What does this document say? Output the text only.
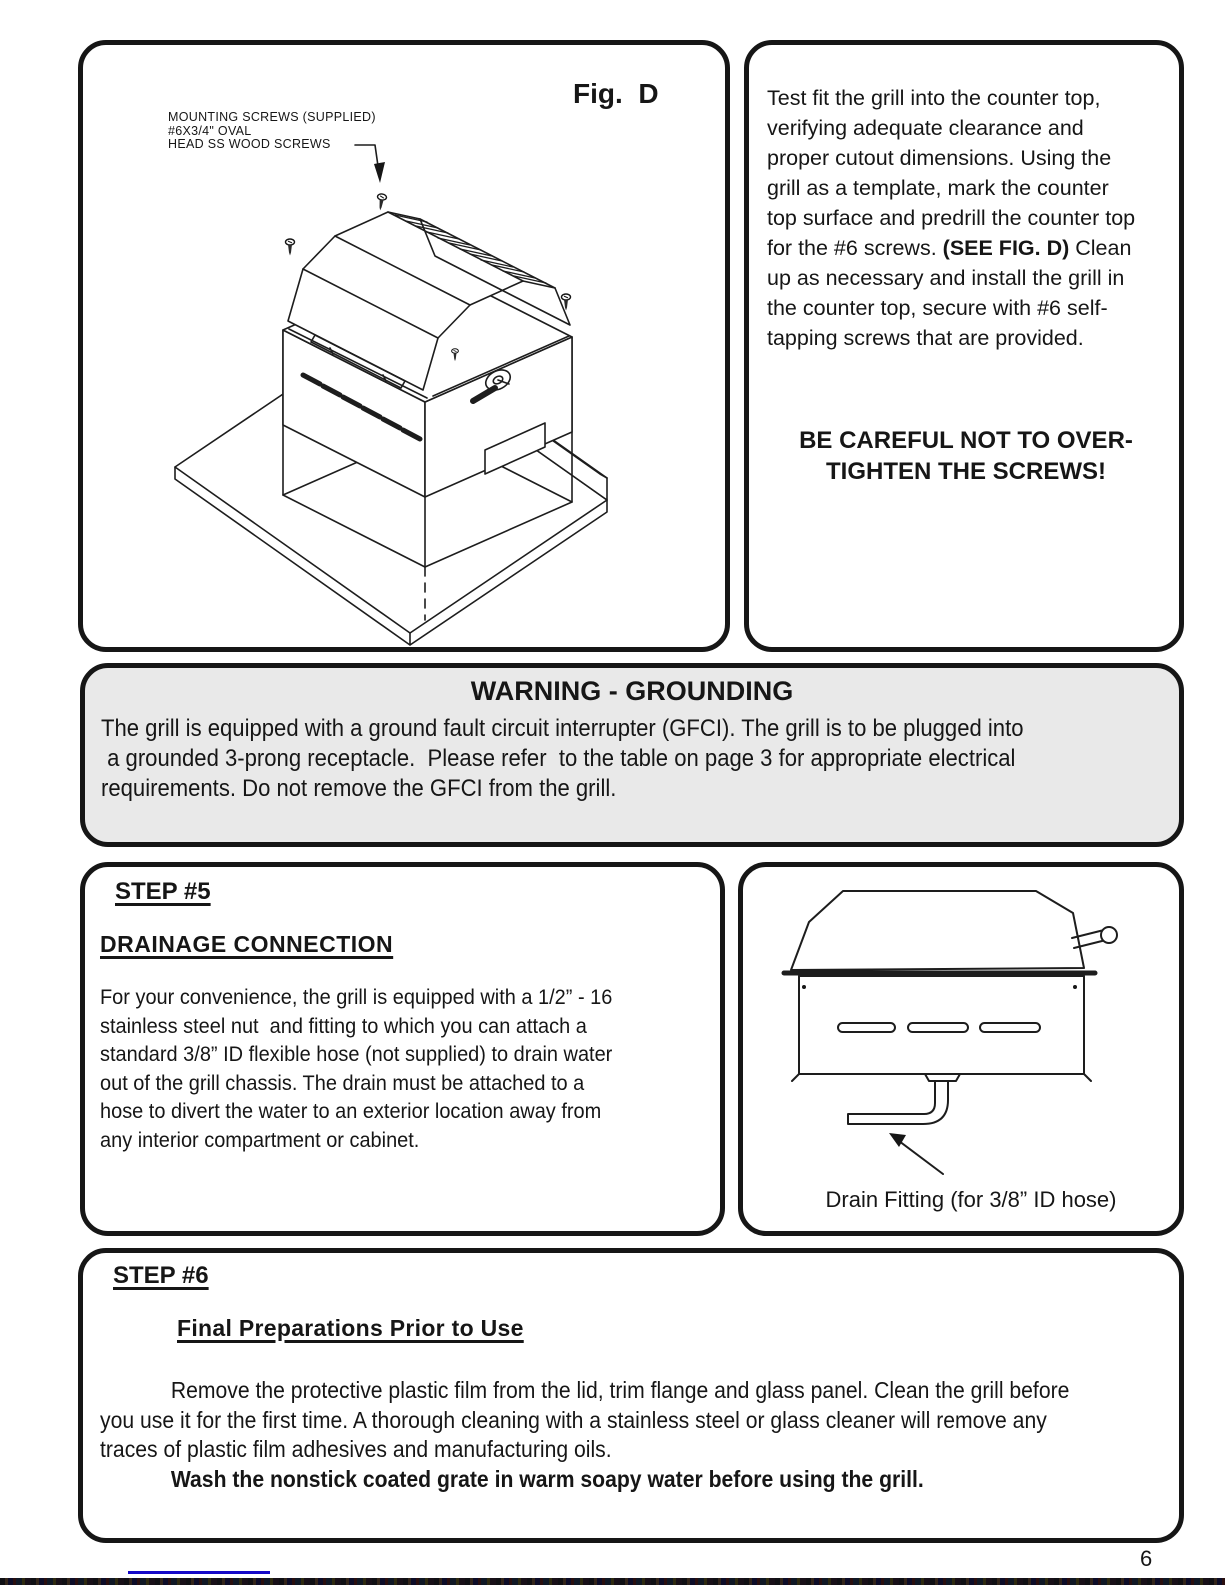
Fig.  D
MOUNTING SCREWS (SUPPLIED)
#6X3/4" OVAL
HEAD SS WOOD SCREWS
Test fit the grill into the counter top,
verifying adequate clearance and
proper cutout dimensions. Using the
grill as a template, mark the counter
top surface and predrill the counter top
for the #6 screws. (SEE FIG. D) Clean
up as necessary and install the grill in
the counter top, secure with #6 self-
tapping screws that are provided.
BE CAREFUL NOT TO OVER-
TIGHTEN THE SCREWS!
WARNING - GROUNDING
The grill is equipped with a ground fault circuit interrupter (GFCI). The grill is to be plugged into
a grounded 3-prong receptacle.  Please refer  to the table on page 3 for appropriate electrical
requirements. Do not remove the GFCI from the grill.
STEP #5
DRAINAGE CONNECTION
For your convenience, the grill is equipped with a 1/2” - 16
stainless steel nut  and fitting to which you can attach a
standard 3/8” ID flexible hose (not supplied) to drain water
out of the grill chassis. The drain must be attached to a
hose to divert the water to an exterior location away from
any interior compartment or cabinet.
Drain Fitting (for 3/8” ID hose)
STEP #6
Final Preparations Prior to Use
Remove the protective plastic film from the lid, trim flange and glass panel. Clean the grill before
you use it for the first time. A thorough cleaning with a stainless steel or glass cleaner will remove any
traces of plastic film adhesives and manufacturing oils.
Wash the nonstick coated grate in warm soapy water before using the grill.
6
